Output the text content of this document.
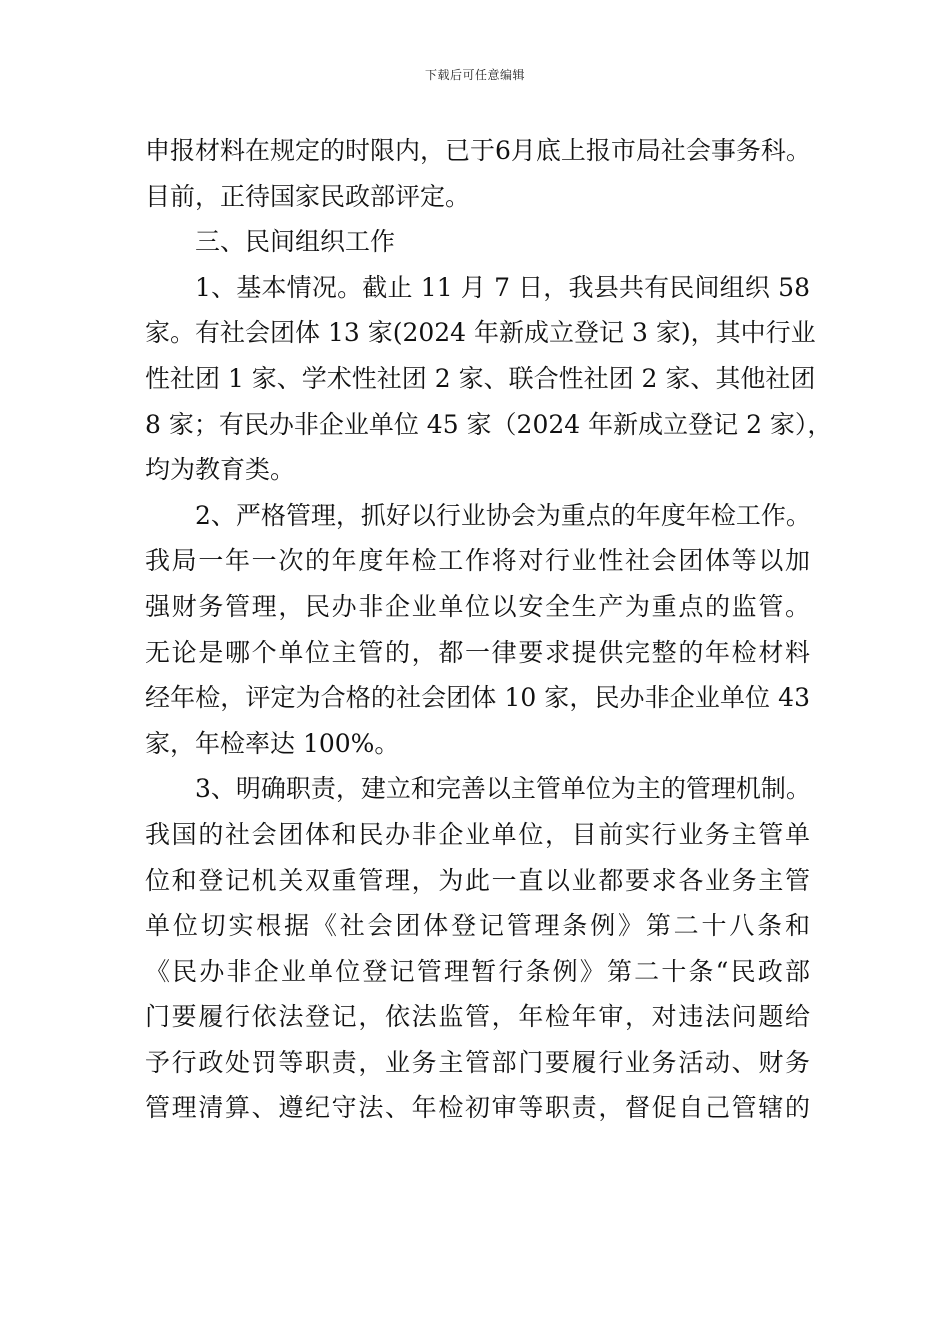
下载后可任意编辑
申报材料在规定的时限内，已于6月底上报市局社会事务科。
目前，正待国家民政部评定。
三、民间组织工作
1、基本情况。截止 11 月 7 日，我县共有民间组织 58
家。有社会团体 13 家(2024 年新成立登记 3 家)，其中行业
性社团 1 家、学术性社团 2 家、联合性社团 2 家、其他社团
8 家；有民办非企业单位 45 家（2024 年新成立登记 2 家），
均为教育类。
2、严格管理，抓好以行业协会为重点的年度年检工作。
我局一年一次的年度年检工作将对行业性社会团体等以加
强财务管理，民办非企业单位以安全生产为重点的监管。
无论是哪个单位主管的，都一律要求提供完整的年检材料
经年检，评定为合格的社会团体 10 家，民办非企业单位 43
家，年检率达 100%。
3、明确职责，建立和完善以主管单位为主的管理机制。
我国的社会团体和民办非企业单位，目前实行业务主管单
位和登记机关双重管理，为此一直以业都要求各业务主管
单位切实根据《社会团体登记管理条例》第二十八条和
《民办非企业单位登记管理暂行条例》第二十条“民政部
门要履行依法登记，依法监管，年检年审，对违法问题给
予行政处罚等职责，业务主管部门要履行业务活动、财务
管理清算、遵纪守法、年检初审等职责，督促自己管辖的
